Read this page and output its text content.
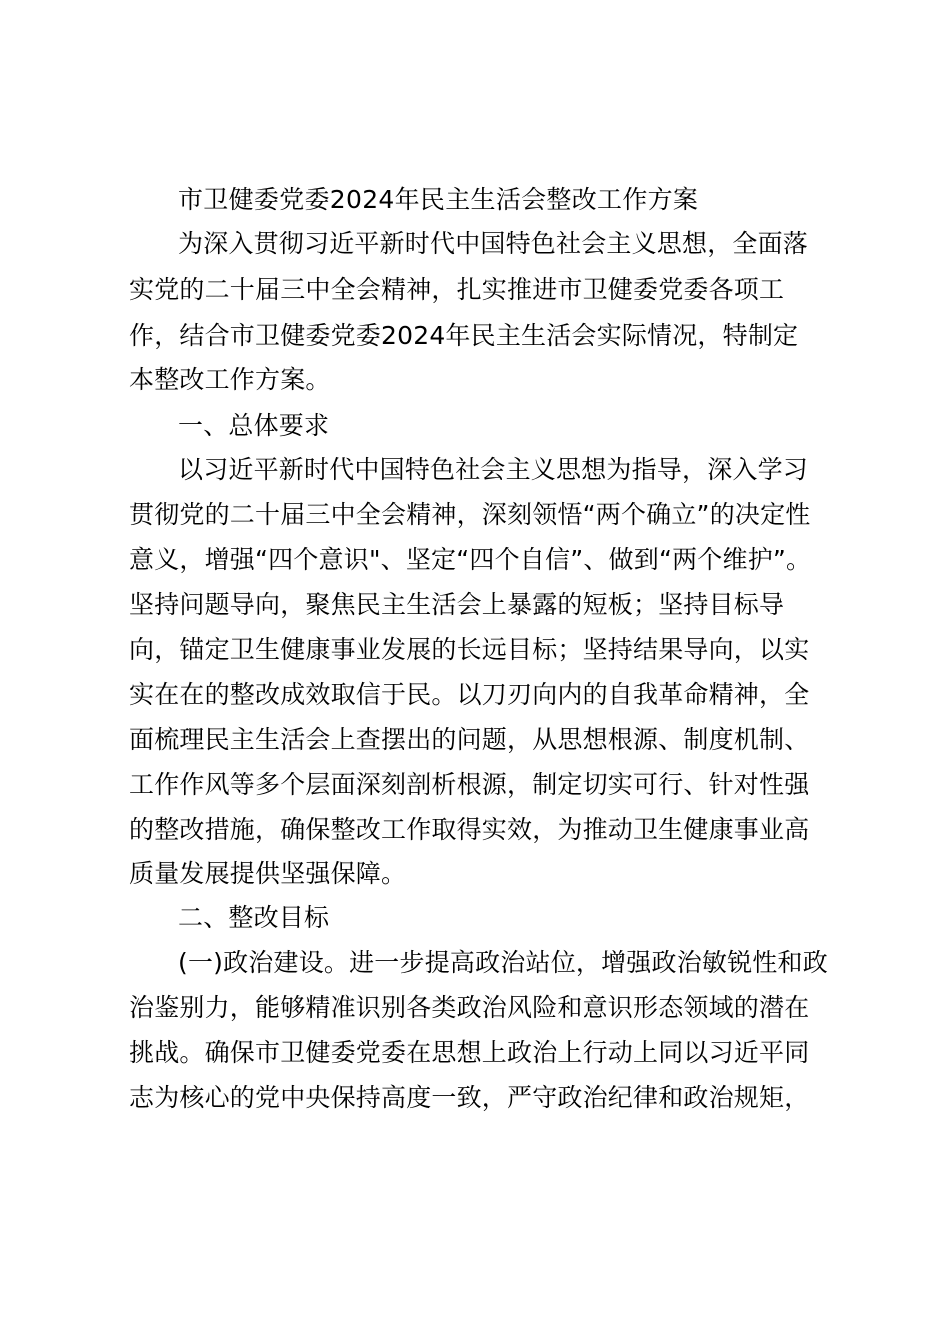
市卫健委党委2024年民主生活会整改工作方案
为深入贯彻习近平新时代中国特色社会主义思想，全面落
实党的二十届三中全会精神，扎实推进市卫健委党委各项工
作，结合市卫健委党委2024年民主生活会实际情况，特制定
本整改工作方案。
一、总体要求
以习近平新时代中国特色社会主义思想为指导，深入学习
贯彻党的二十届三中全会精神，深刻领悟“两个确立”的决定性
意义，增强“四个意识"、坚定“四个自信”、做到“两个维护”。
坚持问题导向，聚焦民主生活会上暴露的短板；坚持目标导
向，锚定卫生健康事业发展的长远目标；坚持结果导向，以实
实在在的整改成效取信于民。以刀刃向内的自我革命精神，全
面梳理民主生活会上查摆出的问题，从思想根源、制度机制、
工作作风等多个层面深刻剖析根源，制定切实可行、针对性强
的整改措施，确保整改工作取得实效，为推动卫生健康事业高
质量发展提供坚强保障。
二、整改目标
(一)政治建设。进一步提高政治站位，增强政治敏锐性和政
治鉴别力，能够精准识别各类政治风险和意识形态领域的潜在
挑战。确保市卫健委党委在思想上政治上行动上同以习近平同
志为核心的党中央保持高度一致，严守政治纪律和政治规矩，
